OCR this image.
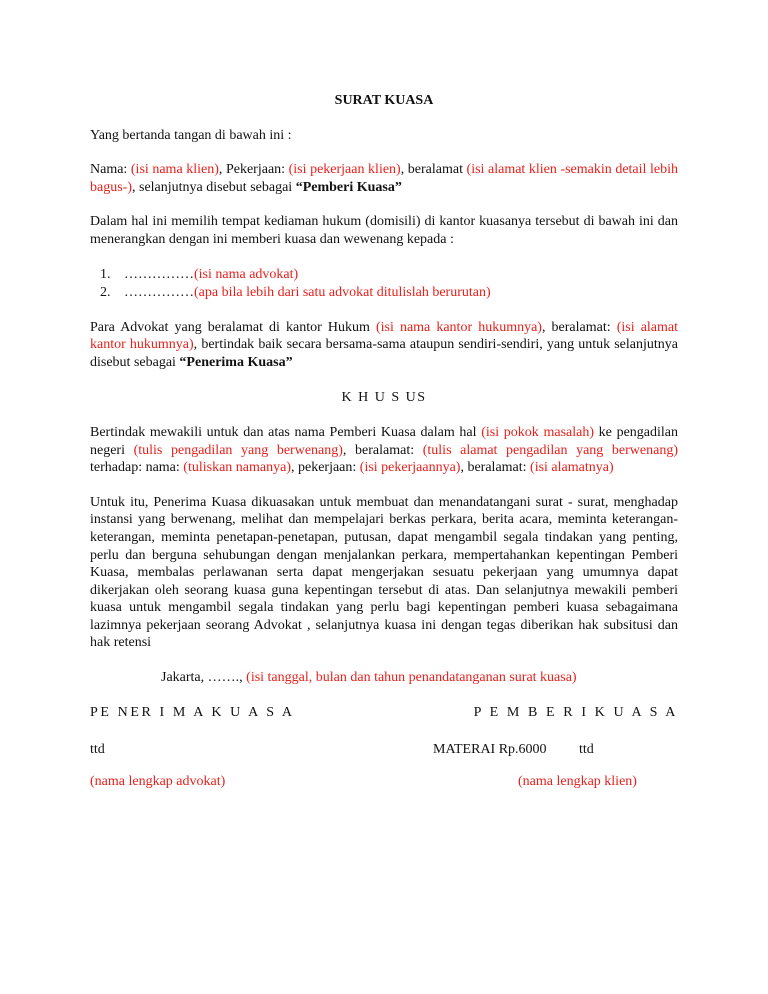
SURAT KUASA

Yang bertanda tangan di bawah ini :

Nama: (isi nama klien), Pekerjaan: (isi pekerjaan klien), beralamat (isi alamat klien -semakin detail lebih bagus-), selanjutnya disebut sebagai “Pemberi Kuasa”

Dalam hal ini memilih tempat kediaman hukum (domisili) di kantor kuasanya tersebut di bawah ini dan menerangkan dengan ini memberi kuasa dan wewenang kepada :

1. ……………(isi nama advokat)
2. ……………(apa bila lebih dari satu advokat ditulislah berurutan)

Para Advokat yang beralamat di kantor Hukum (isi nama kantor hukumnya), beralamat: (isi alamat kantor hukumnya), bertindak baik secara bersama-sama ataupun sendiri-sendiri, yang untuk selanjutnya disebut sebagai “Penerima Kuasa”

K H U S US

Bertindak mewakili untuk dan atas nama Pemberi Kuasa dalam hal (isi pokok masalah) ke pengadilan negeri (tulis pengadilan yang berwenang), beralamat: (tulis alamat pengadilan yang berwenang) terhadap: nama: (tuliskan namanya), pekerjaan: (isi pekerjaannya), beralamat: (isi alamatnya)

Untuk itu, Penerima Kuasa dikuasakan untuk membuat dan menandatangani surat - surat, menghadap instansi yang berwenang, melihat dan mempelajari berkas perkara, berita acara, meminta keterangan-keterangan, meminta penetapan-penetapan, putusan, dapat mengambil segala tindakan yang penting, perlu dan berguna sehubungan dengan menjalankan perkara, mempertahankan kepentingan Pemberi Kuasa, membalas perlawanan serta dapat mengerjakan sesuatu pekerjaan yang umumnya dapat dikerjakan oleh seorang kuasa guna kepentingan tersebut di atas. Dan selanjutnya mewakili pemberi kuasa untuk mengambil segala tindakan yang perlu bagi kepentingan pemberi kuasa sebagaimana lazimnya pekerjaan seorang Advokat , selanjutnya kuasa ini dengan tegas diberikan hak subsitusi dan hak retensi

Jakarta, ……., (isi tanggal, bulan dan tahun penandatanganan surat kuasa)

PE NER I M A K U A S A	P E M B E R I K U A S A
ttd	MATERAI Rp.6000 ttd
(nama lengkap advokat)	(nama lengkap klien)
